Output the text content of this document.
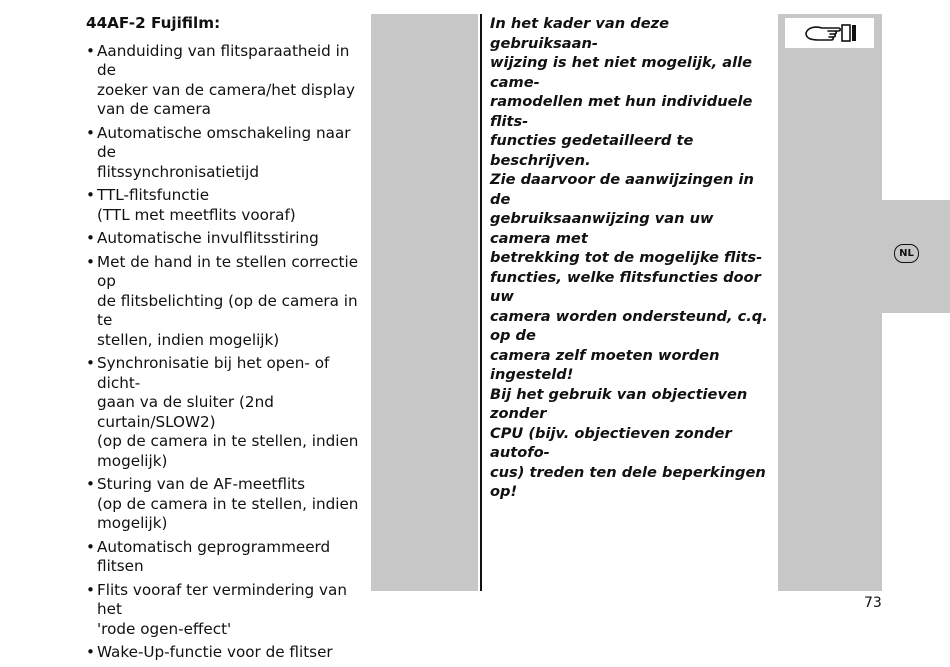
44AF-2 Fujifilm:
• Aanduiding van flitsparaatheid in de
zoeker van de camera/het display
van de camera
• Automatische omschakeling naar de
flitssynchronisatietijd
• TTL-flitsfunctie
(TTL met meetflits vooraf)
• Automatische invulflitsstiring
• Met de hand in te stellen correctie op
de flitsbelichting (op de camera in te
stellen, indien mogelijk)
• Synchronisatie bij het open- of dicht-
gaan va de sluiter (2nd
curtain/SLOW2)
(op de camera in te stellen, indien
mogelijk)
• Sturing van de AF-meetflits
(op de camera in te stellen, indien
mogelijk)
• Automatisch geprogrammeerd flitsen
• Flits vooraf ter vermindering van het
'rode ogen-effect'
• Wake-Up-functie voor de flitser
In het kader van deze gebruiksaan-
wijzing is het niet mogelijk, alle came-
ramodellen met hun individuele flits-
functies gedetailleerd te beschrijven.
Zie daarvoor de aanwijzingen in de
gebruiksaanwijzing van uw camera met
betrekking tot de mogelijke flits-
functies, welke flitsfuncties door uw
camera worden ondersteund, c.q. op de
camera zelf moeten worden ingesteld!
Bij het gebruik van objectieven zonder
CPU (bijv. objectieven zonder autofo-
cus) treden ten dele beperkingen op!
NL
73
